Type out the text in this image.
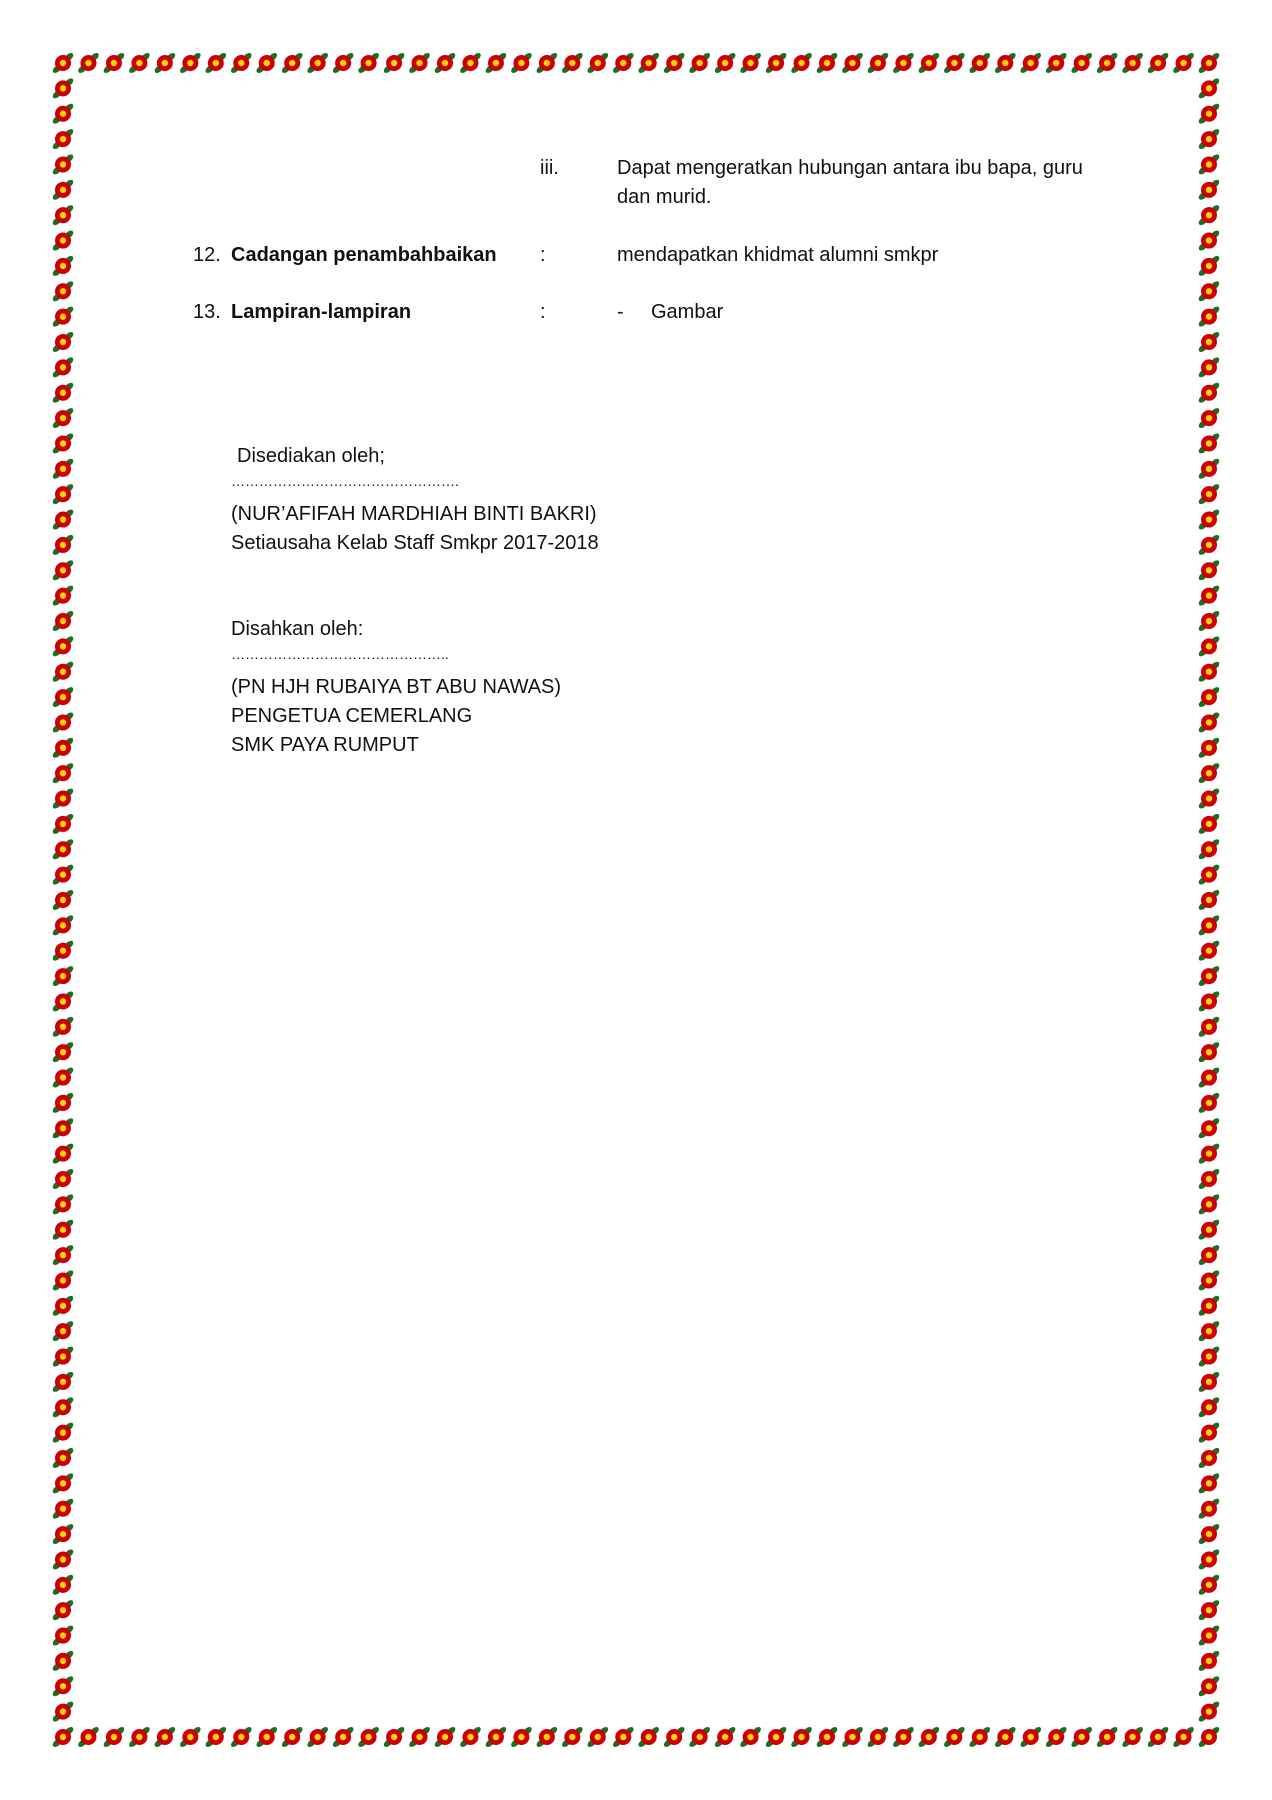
iii.	Dapat mengeratkan hubungan antara ibu bapa, guru
dan murid.
12. Cadangan penambahbaikan :	mendapatkan khidmat alumni smkpr
13. Lampiran-lampiran	:	- Gambar
Disediakan oleh;
………………………………………….
(NUR’AFIFAH MARDHIAH BINTI BAKRI)
Setiausaha Kelab Staff Smkpr 2017-2018
Disahkan oleh:
………………………………………..
(PN HJH RUBAIYA BT ABU NAWAS)
PENGETUA CEMERLANG
SMK PAYA RUMPUT
